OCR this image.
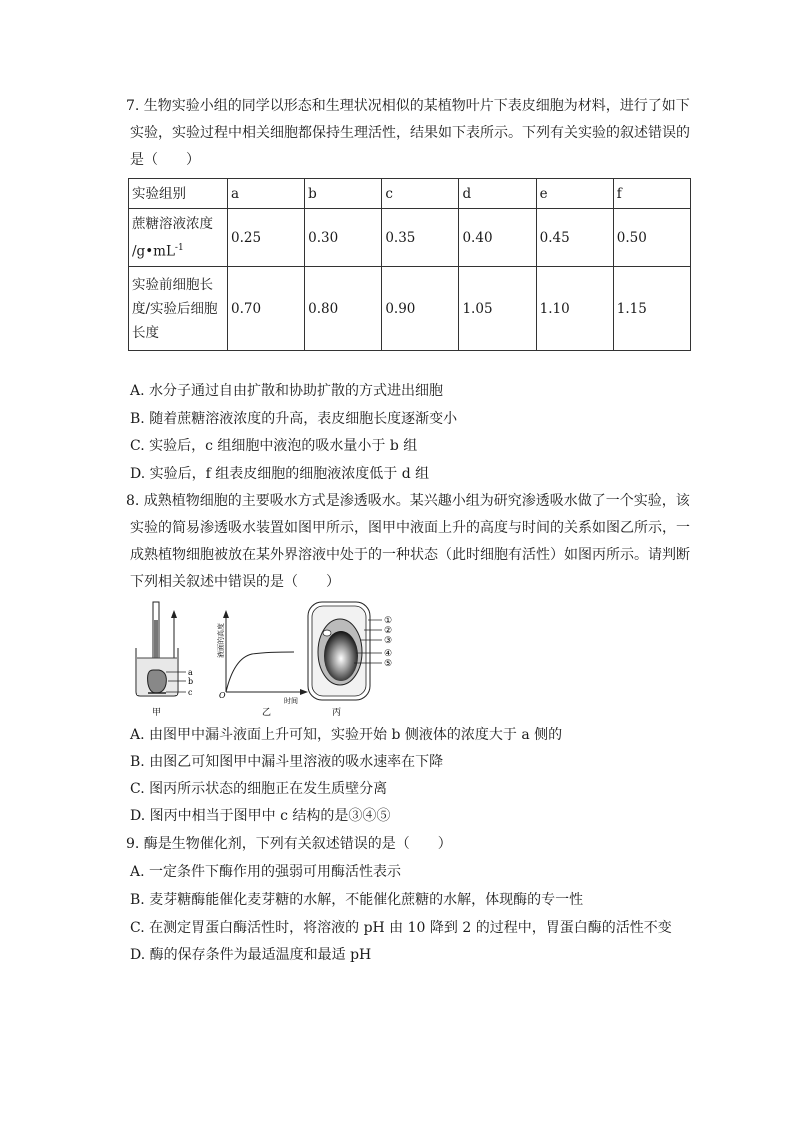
7. 生物实验小组的同学以形态和生理状况相似的某植物叶片下表皮细胞为材料，进行了如下
实验，实验过程中相关细胞都保持生理活性，结果如下表所示。下列有关实验的叙述错误的
是（　　）
实验组别	a	b	c	d	e	f

蔗糖溶液浓度
$/g•mL^{-1}$	0.25	0.30	0.35	0.40	0.45	0.50

实验前细胞长
度/实验后细胞
长度	0.70	0.80	0.90	1.05	1.10	1.15
A. 水分子通过自由扩散和协助扩散的方式进出细胞
B. 随着蔗糖溶液浓度的升高，表皮细胞长度逐渐变小
C. 实验后，c 组细胞中液泡的吸水量小于 b 组
D. 实验后，f 组表皮细胞的细胞液浓度低于 d 组
8. 成熟植物细胞的主要吸水方式是渗透吸水。某兴趣小组为研究渗透吸水做了一个实验，该
实验的简易渗透吸水装置如图甲所示，图甲中液面上升的高度与时间的关系如图乙所示，一
成熟植物细胞被放在某外界溶液中处于的一种状态（此时细胞有活性）如图丙所示。请判断
下列相关叙述中错误的是（　　）
a
b
c
甲
O
时间
液面的高度
乙
①
②
③
④
⑤
丙
A. 由图甲中漏斗液面上升可知，实验开始 b 侧液体的浓度大于 a 侧的
B. 由图乙可知图甲中漏斗里溶液的吸水速率在下降
C. 图丙所示状态的细胞正在发生质壁分离
D. 图丙中相当于图甲中 c 结构的是③④⑤
9. 酶是生物催化剂，下列有关叙述错误的是（　　）
A. 一定条件下酶作用的强弱可用酶活性表示
B. 麦芽糖酶能催化麦芽糖的水解，不能催化蔗糖的水解，体现酶的专一性
C. 在测定胃蛋白酶活性时，将溶液的 pH 由 10 降到 2 的过程中，胃蛋白酶的活性不变
D. 酶的保存条件为最适温度和最适 pH
